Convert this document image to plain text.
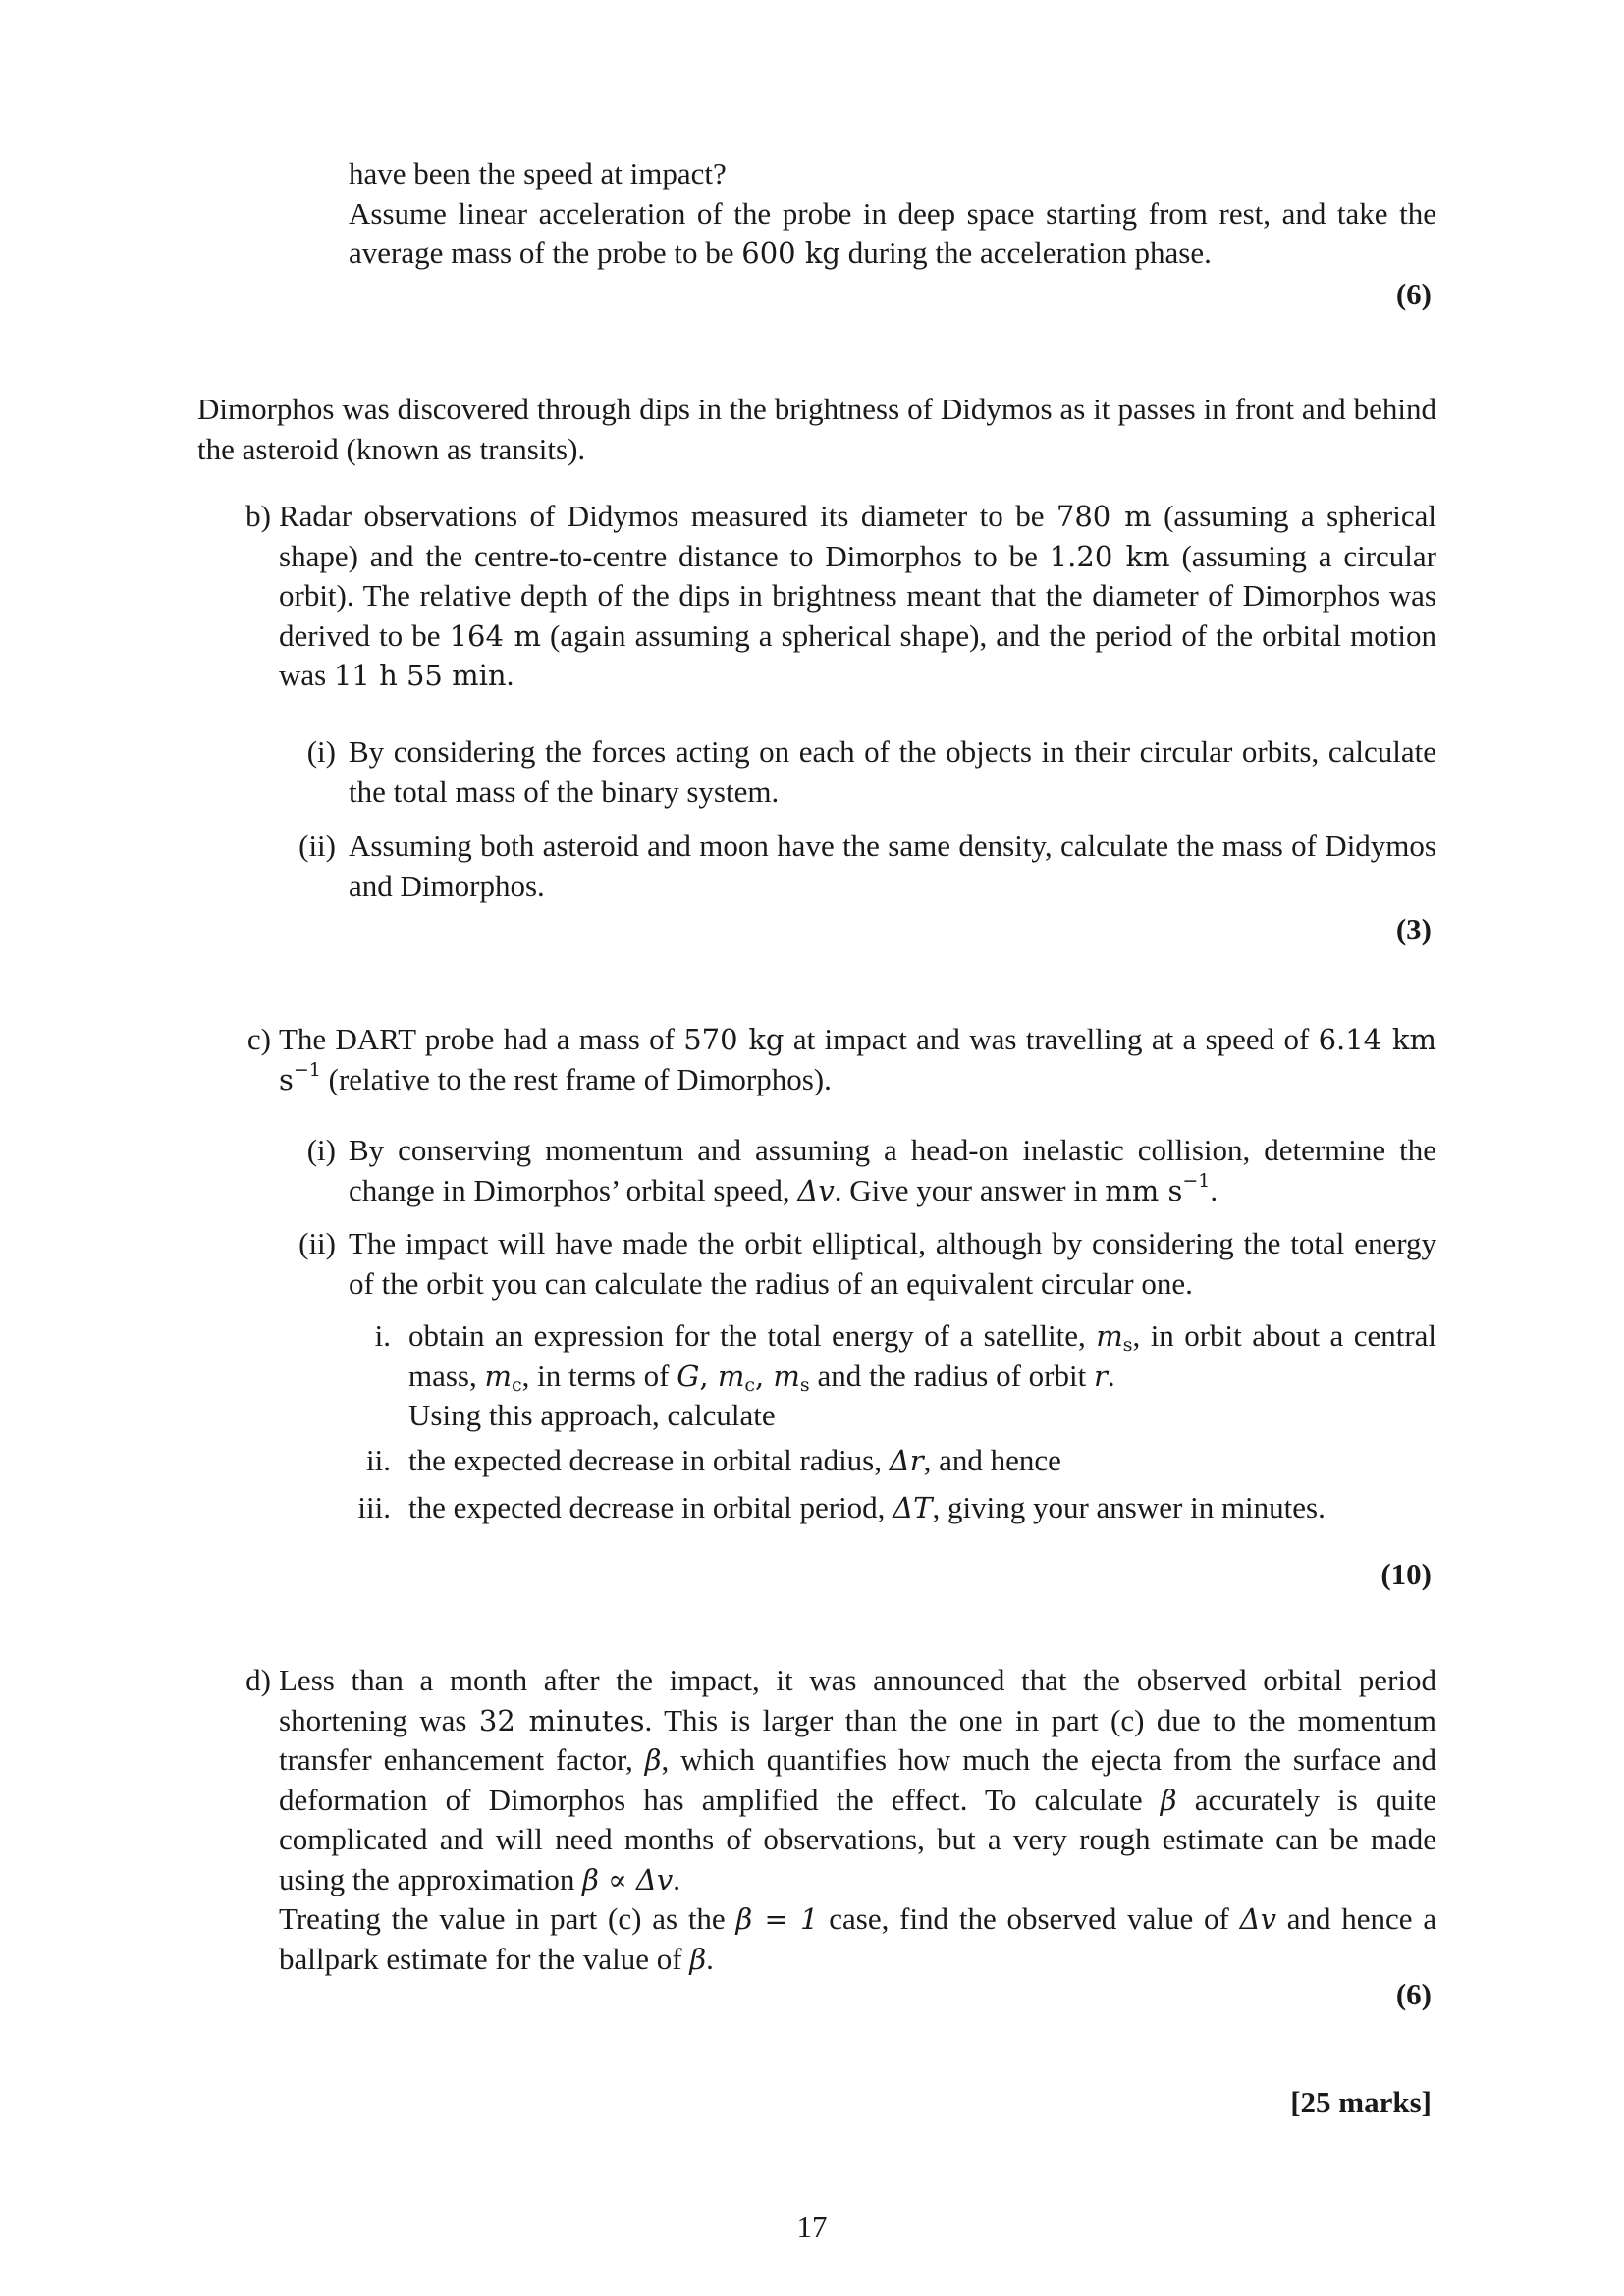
have been the speed at impact?

Assume linear acceleration of the probe in deep space starting from rest, and take the average mass of the probe to be 600 kg during the acceleration phase.

(6)

Dimorphos was discovered through dips in the brightness of Didymos as it passes in front and behind the asteroid (known as transits).

b) Radar observations of Didymos measured its diameter to be 780 m (assuming a spherical shape) and the centre-to-centre distance to Dimorphos to be 1.20 km (assuming a circular orbit). The relative depth of the dips in brightness meant that the diameter of Dimorphos was derived to be 164 m (again assuming a spherical shape), and the period of the orbital motion was 11 h 55 min.
(i) By considering the forces acting on each of the objects in their circular orbits, calculate the total mass of the binary system.
(ii) Assuming both asteroid and moon have the same density, calculate the mass of Didymos and Dimorphos.
(3)
c) The DART probe had a mass of 570 kg at impact and was travelling at a speed of 6.14 km $s^{-1}$ (relative to the rest frame of Dimorphos).
(i) By conserving momentum and assuming a head-on inelastic collision, determine the change in Dimorphos’ orbital speed, Δv. Give your answer in mm $s^{-1}$.
(ii) The impact will have made the orbit elliptical, although by considering the total energy of the orbit you can calculate the radius of an equivalent circular one.
i. obtain an expression for the total energy of a satellite, $m_s$, in orbit about a central mass, $m_c$, in terms of G, $m_c$, $m_s$ and the radius of orbit r.
Using this approach, calculate
ii. the expected decrease in orbital radius, Δr, and hence
iii. the expected decrease in orbital period, ΔT, giving your answer in minutes.
(10)
d) Less than a month after the impact, it was announced that the observed orbital period shortening was 32 minutes. This is larger than the one in part (c) due to the momentum transfer enhancement factor, β, which quantifies how much the ejecta from the surface and deformation of Dimorphos has amplified the effect. To calculate β accurately is quite complicated and will need months of observations, but a very rough estimate can be made using the approximation β ∝ Δv.
Treating the value in part (c) as the β = 1 case, find the observed value of Δv and hence a ballpark estimate for the value of β.
(6)
[25 marks]
17
